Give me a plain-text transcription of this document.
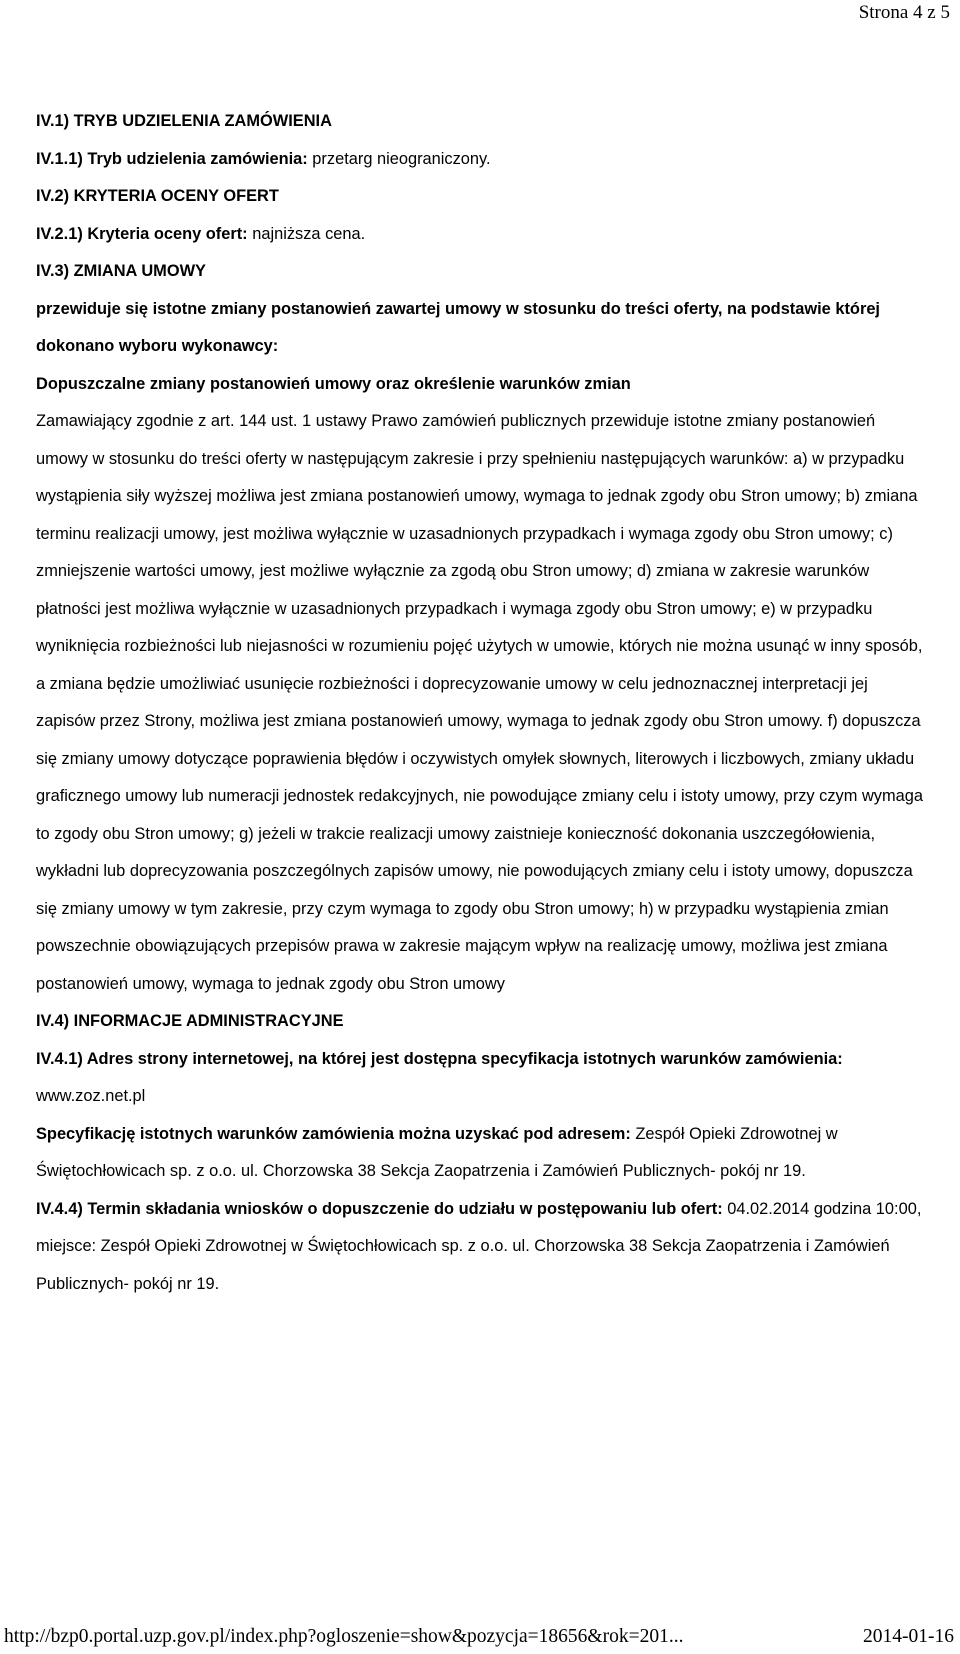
Strona 4 z 5

IV.1) TRYB UDZIELENIA ZAMÓWIENIA

IV.1.1) Tryb udzielenia zamówienia: przetarg nieograniczony.

IV.2) KRYTERIA OCENY OFERT

IV.2.1) Kryteria oceny ofert: najniższa cena.

IV.3) ZMIANA UMOWY

przewiduje się istotne zmiany postanowień zawartej umowy w stosunku do treści oferty, na podstawie której dokonano wyboru wykonawcy:

Dopuszczalne zmiany postanowień umowy oraz określenie warunków zmian

Zamawiający zgodnie z art. 144 ust. 1 ustawy Prawo zamówień publicznych przewiduje istotne zmiany postanowień umowy w stosunku do treści oferty w następującym zakresie i przy spełnieniu następujących warunków: a) w przypadku wystąpienia siły wyższej możliwa jest zmiana postanowień umowy, wymaga to jednak zgody obu Stron umowy; b) zmiana terminu realizacji umowy, jest możliwa wyłącznie w uzasadnionych przypadkach i wymaga zgody obu Stron umowy; c) zmniejszenie wartości umowy, jest możliwe wyłącznie za zgodą obu Stron umowy; d) zmiana w zakresie warunków płatności jest możliwa wyłącznie w uzasadnionych przypadkach i wymaga zgody obu Stron umowy; e) w przypadku wyniknięcia rozbieżności lub niejasności w rozumieniu pojęć użytych w umowie, których nie można usunąć w inny sposób, a zmiana będzie umożliwiać usunięcie rozbieżności i doprecyzowanie umowy w celu jednoznacznej interpretacji jej zapisów przez Strony, możliwa jest zmiana postanowień umowy, wymaga to jednak zgody obu Stron umowy. f) dopuszcza się zmiany umowy dotyczące poprawienia błędów i oczywistych omyłek słownych, literowych i liczbowych, zmiany układu graficznego umowy lub numeracji jednostek redakcyjnych, nie powodujące zmiany celu i istoty umowy, przy czym wymaga to zgody obu Stron umowy; g) jeżeli w trakcie realizacji umowy zaistnieje konieczność dokonania uszczegółowienia, wykładni lub doprecyzowania poszczególnych zapisów umowy, nie powodujących zmiany celu i istoty umowy, dopuszcza się zmiany umowy w tym zakresie, przy czym wymaga to zgody obu Stron umowy; h) w przypadku wystąpienia zmian powszechnie obowiązujących przepisów prawa w zakresie mającym wpływ na realizację umowy, możliwa jest zmiana postanowień umowy, wymaga to jednak zgody obu Stron umowy

IV.4) INFORMACJE ADMINISTRACYJNE

IV.4.1) Adres strony internetowej, na której jest dostępna specyfikacja istotnych warunków zamówienia: www.zoz.net.pl

Specyfikację istotnych warunków zamówienia można uzyskać pod adresem: Zespół Opieki Zdrowotnej w Świętochłowicach sp. z o.o. ul. Chorzowska 38 Sekcja Zaopatrzenia i Zamówień Publicznych- pokój nr 19.

IV.4.4) Termin składania wniosków o dopuszczenie do udziału w postępowaniu lub ofert: 04.02.2014 godzina 10:00, miejsce: Zespół Opieki Zdrowotnej w Świętochłowicach sp. z o.o. ul. Chorzowska 38 Sekcja Zaopatrzenia i Zamówień Publicznych- pokój nr 19.

http://bzp0.portal.uzp.gov.pl/index.php?ogloszenie=show&pozycja=18656&rok=201...	2014-01-16
